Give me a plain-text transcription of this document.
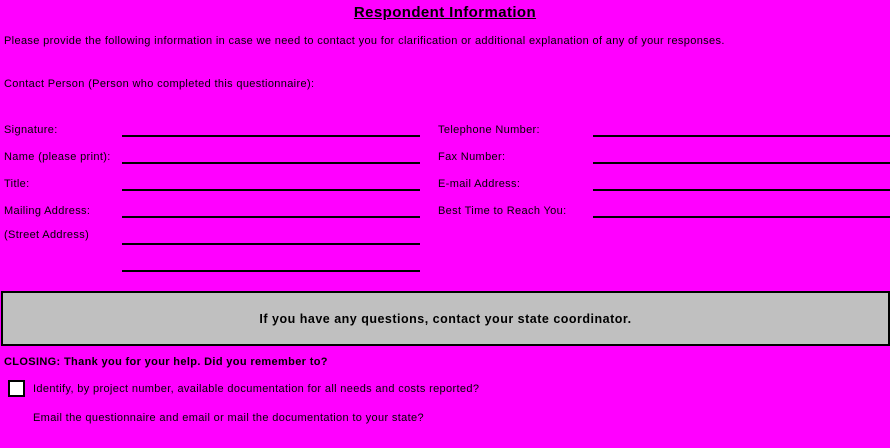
Respondent Information
Please provide the following information in case we need to contact you for clarification or additional explanation of any of your responses.
Contact Person (Person who completed this questionnaire):
Signature:
Name (please print):
Title:
Mailing Address:
(Street Address)
Telephone Number:
Fax Number:
E-mail Address:
Best Time to Reach You:
If you have any questions, contact your state coordinator.
CLOSING: Thank you for your help. Did you remember to?
Identify, by project number, available documentation for all needs and costs reported?
Email the questionnaire and email or mail the documentation to your state?
